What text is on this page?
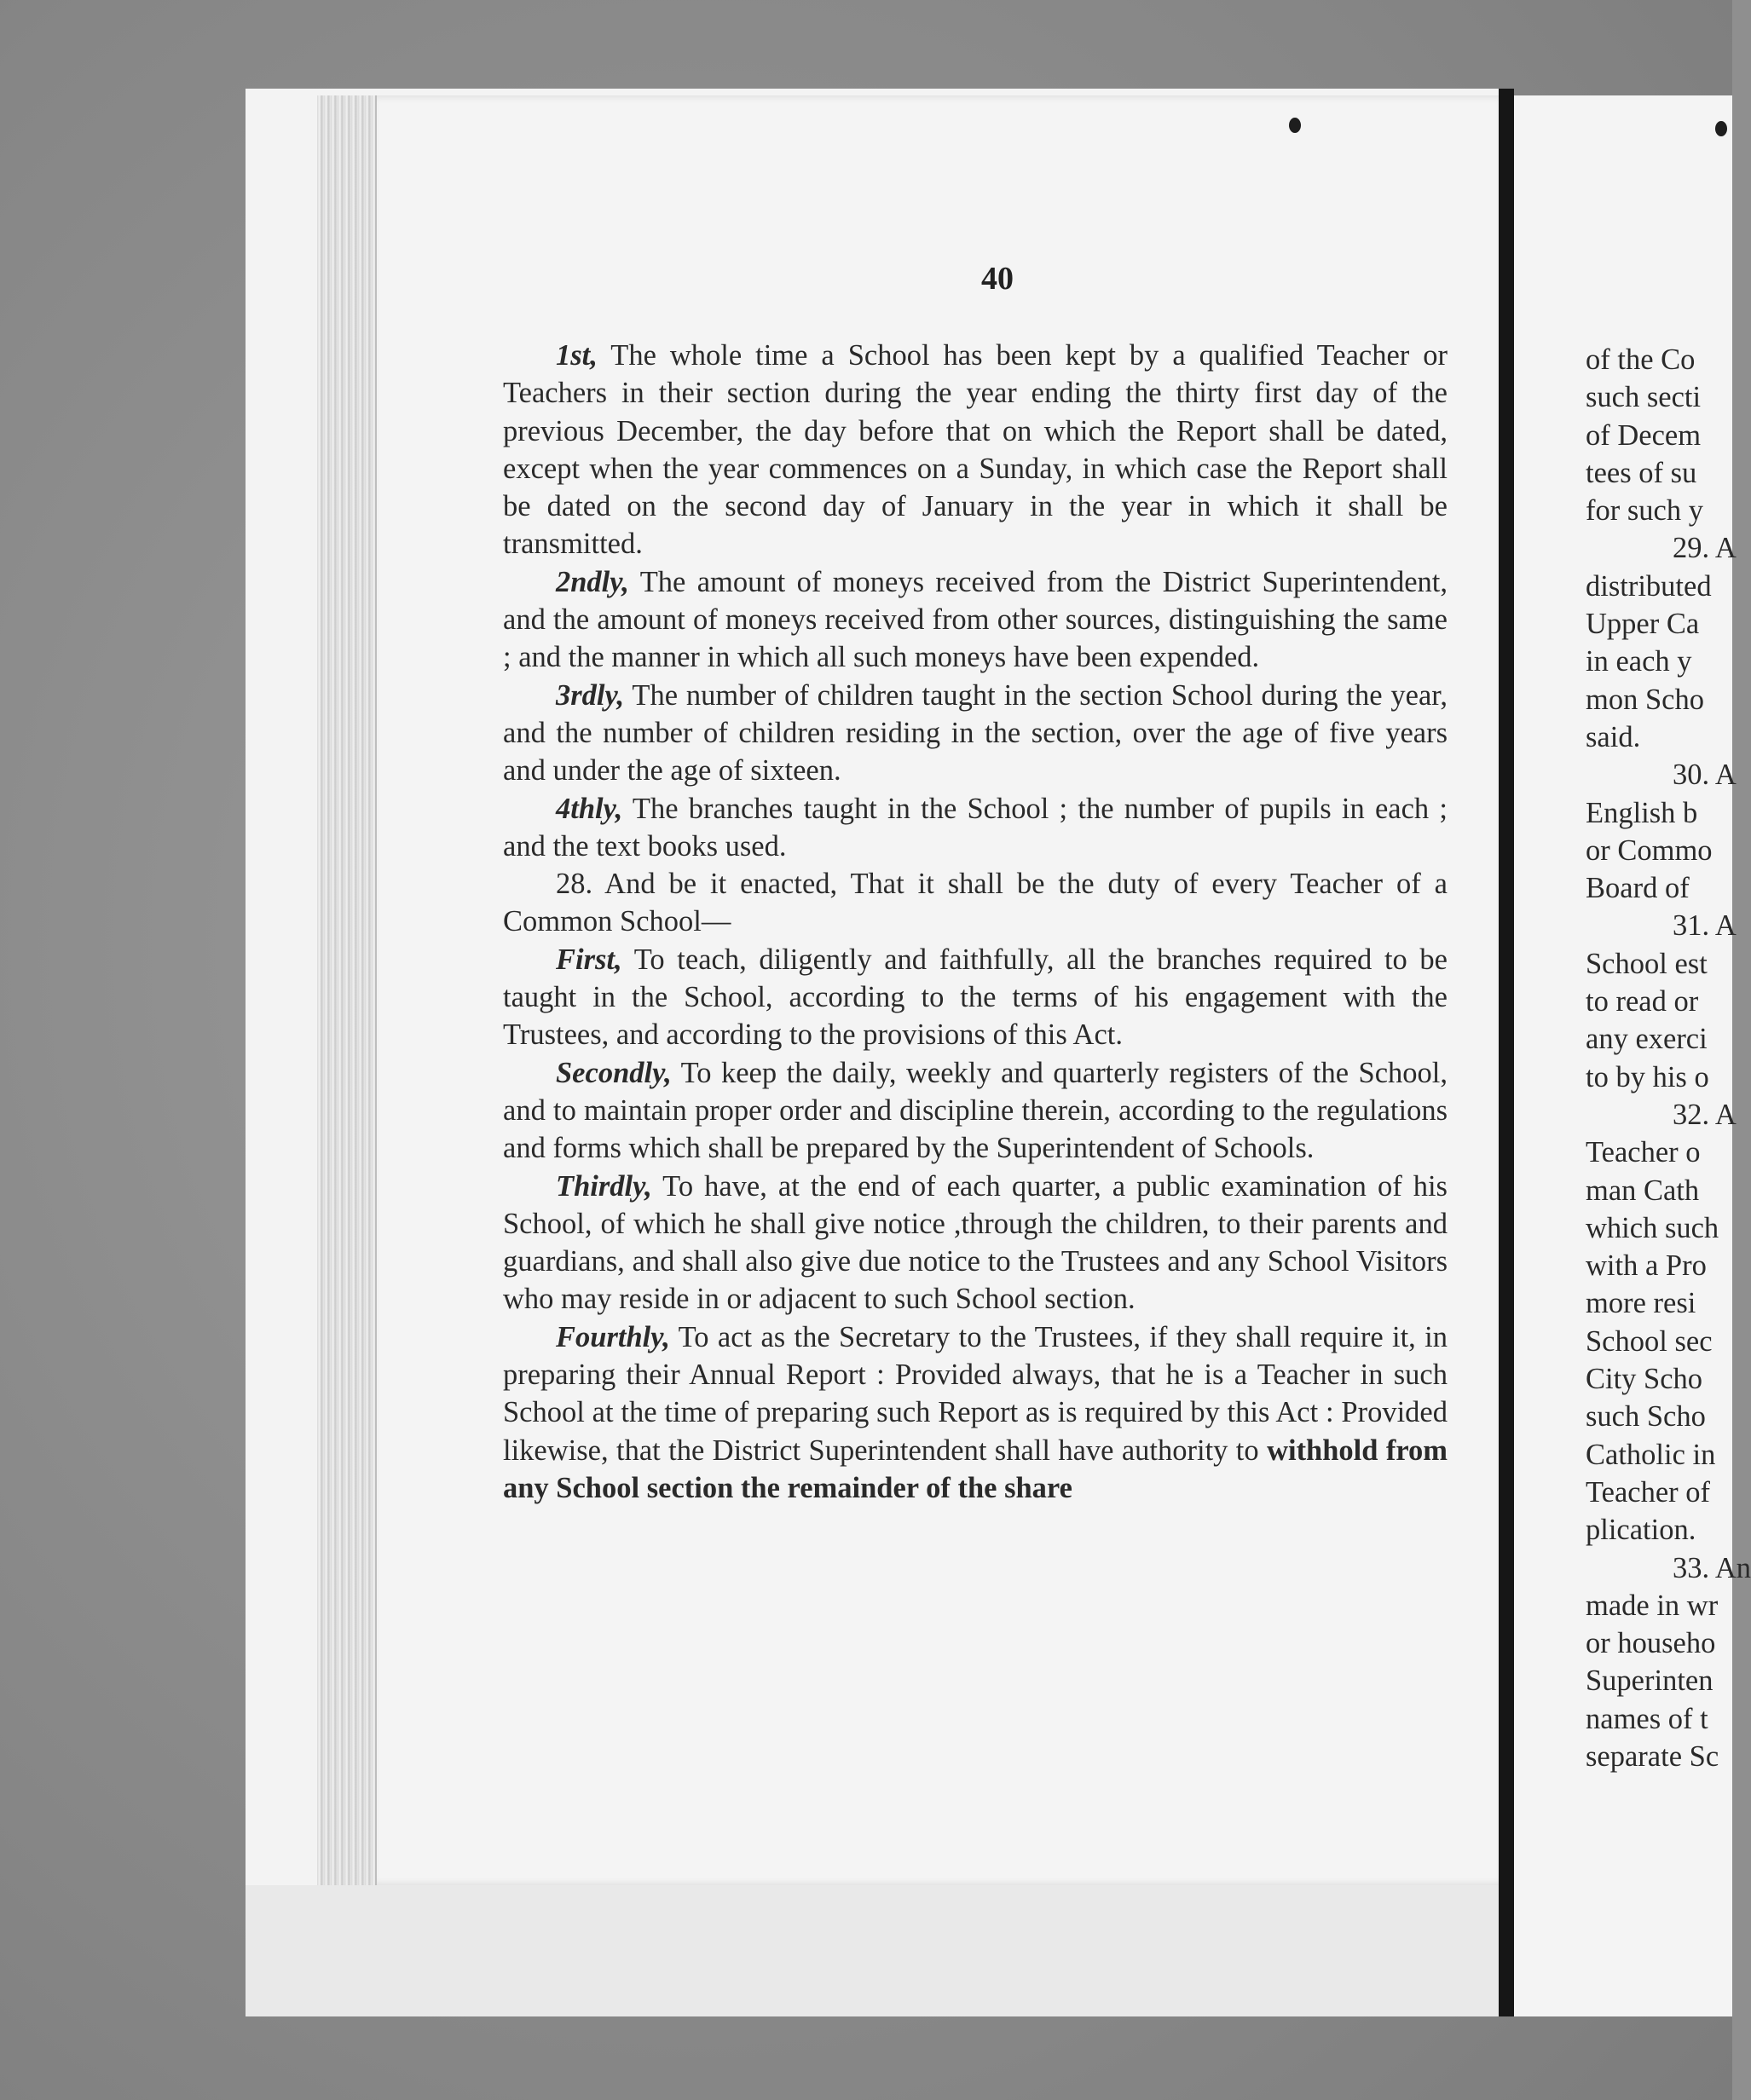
40

1st, The whole time a School has been kept by a qualified Teacher or Teachers in their section during the year ending the thirty first day of the previous December, the day before that on which the Report shall be dated, except when the year commences on a Sunday, in which case the Report shall be dated on the second day of January in the year in which it shall be transmitted.

2ndly, The amount of moneys received from the District Superintendent, and the amount of moneys received from other sources, distinguishing the same ; and the manner in which all such moneys have been expended.

3rdly, The number of children taught in the section School during the year, and the number of children residing in the section, over the age of five years and under the age of sixteen.

4thly, The branches taught in the School ; the number of pupils in each ; and the text books used.

28. And be it enacted, That it shall be the duty of every Teacher of a Common School—

First, To teach, diligently and faithfully, all the branches required to be taught in the School, according to the terms of his engagement with the Trustees, and according to the provisions of this Act.

Secondly, To keep the daily, weekly and quarterly registers of the School, and to maintain proper order and discipline therein, according to the regulations and forms which shall be prepared by the Superintendent of Schools.

Thirdly, To have, at the end of each quarter, a public examination of his School, of which he shall give notice ,through the children, to their parents and guardians, and shall also give due notice to the Trustees and any School Visitors who may reside in or adjacent to such School section.

Fourthly, To act as the Secretary to the Trustees, if they shall require it, in preparing their Annual Report : Provided always, that he is a Teacher in such School at the time of preparing such Report as is required by this Act : Provided likewise, that the District Superintendent shall have authority to withhold from any School section the remainder of the share

of the Co
such secti
of Decem
tees of su
for such y
29. A
distributed
Upper Ca
in each y
mon Scho
said.
30. A
English b
or Commo
Board of
31. A
School est
to read or
any exerci
to by his o
32. A
Teacher o
man Cath
which such
with a Pro
more resi
School sec
City Scho
such Scho
Catholic in
Teacher of
plication.
33. An
made in wr
or househo
Superinten
names of t
separate Sc
